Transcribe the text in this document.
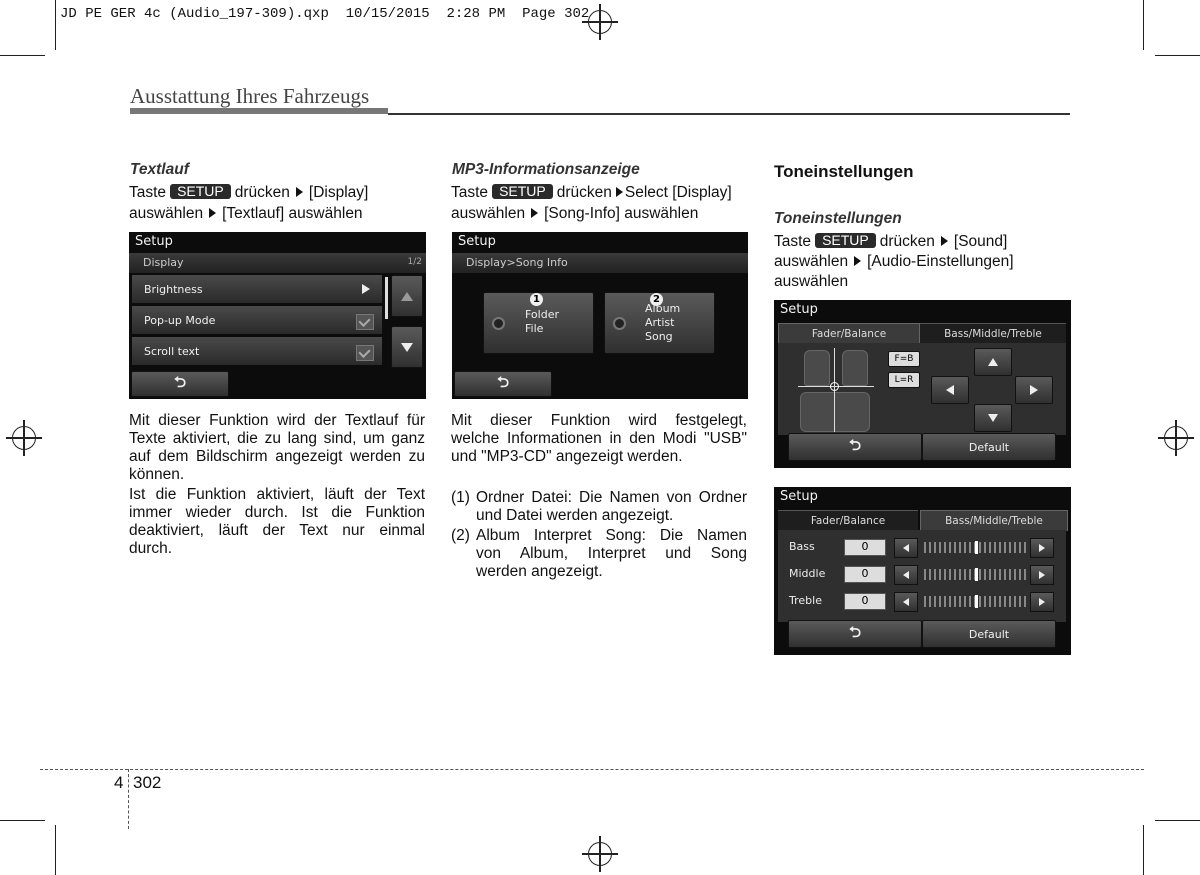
JD PE GER 4c (Audio_197-309).qxp  10/15/2015  2:28 PM  Page 302
Ausstattung Ihres Fahrzeugs
Textlauf
Taste SETUP drücken [Display]
auswählen [Textlauf] auswählen
Setup
Display	1/2
Brightness
Pop-up Mode
Scroll text
⮌
Mit dieser Funktion wird der Textlauf für
Texte aktiviert, die zu lang sind, um ganz
auf dem Bildschirm angezeigt werden zu
können.
Ist die Funktion aktiviert, läuft der Text
immer wieder durch. Ist die Funktion
deaktiviert, läuft der Text nur einmal
durch.
MP3-Informationsanzeige
Taste SETUP drücken Select [Display]
auswählen [Song-Info] auswählen
Setup
Display>Song Info
1
Folder
File
2
Album
Artist
Song
⮌
Mit dieser Funktion wird festgelegt,
welche Informationen in den Modi "USB"
und "MP3-CD" angezeigt werden.
(1) Ordner Datei: Die Namen von Ordner
und Datei werden angezeigt.
(2) Album Interpret Song: Die Namen
von Album, Interpret und Song
werden angezeigt.
Toneinstellungen
Toneinstellungen
Taste SETUP drücken [Sound]
auswählen [Audio-Einstellungen]
auswählen
Setup
Fader/Balance	Bass/Middle/Treble
F=B
L=R
⮌	Default
Setup
Fader/Balance	Bass/Middle/Treble
Bass	0
Middle	0
Treble	0
⮌	Default
4 302
